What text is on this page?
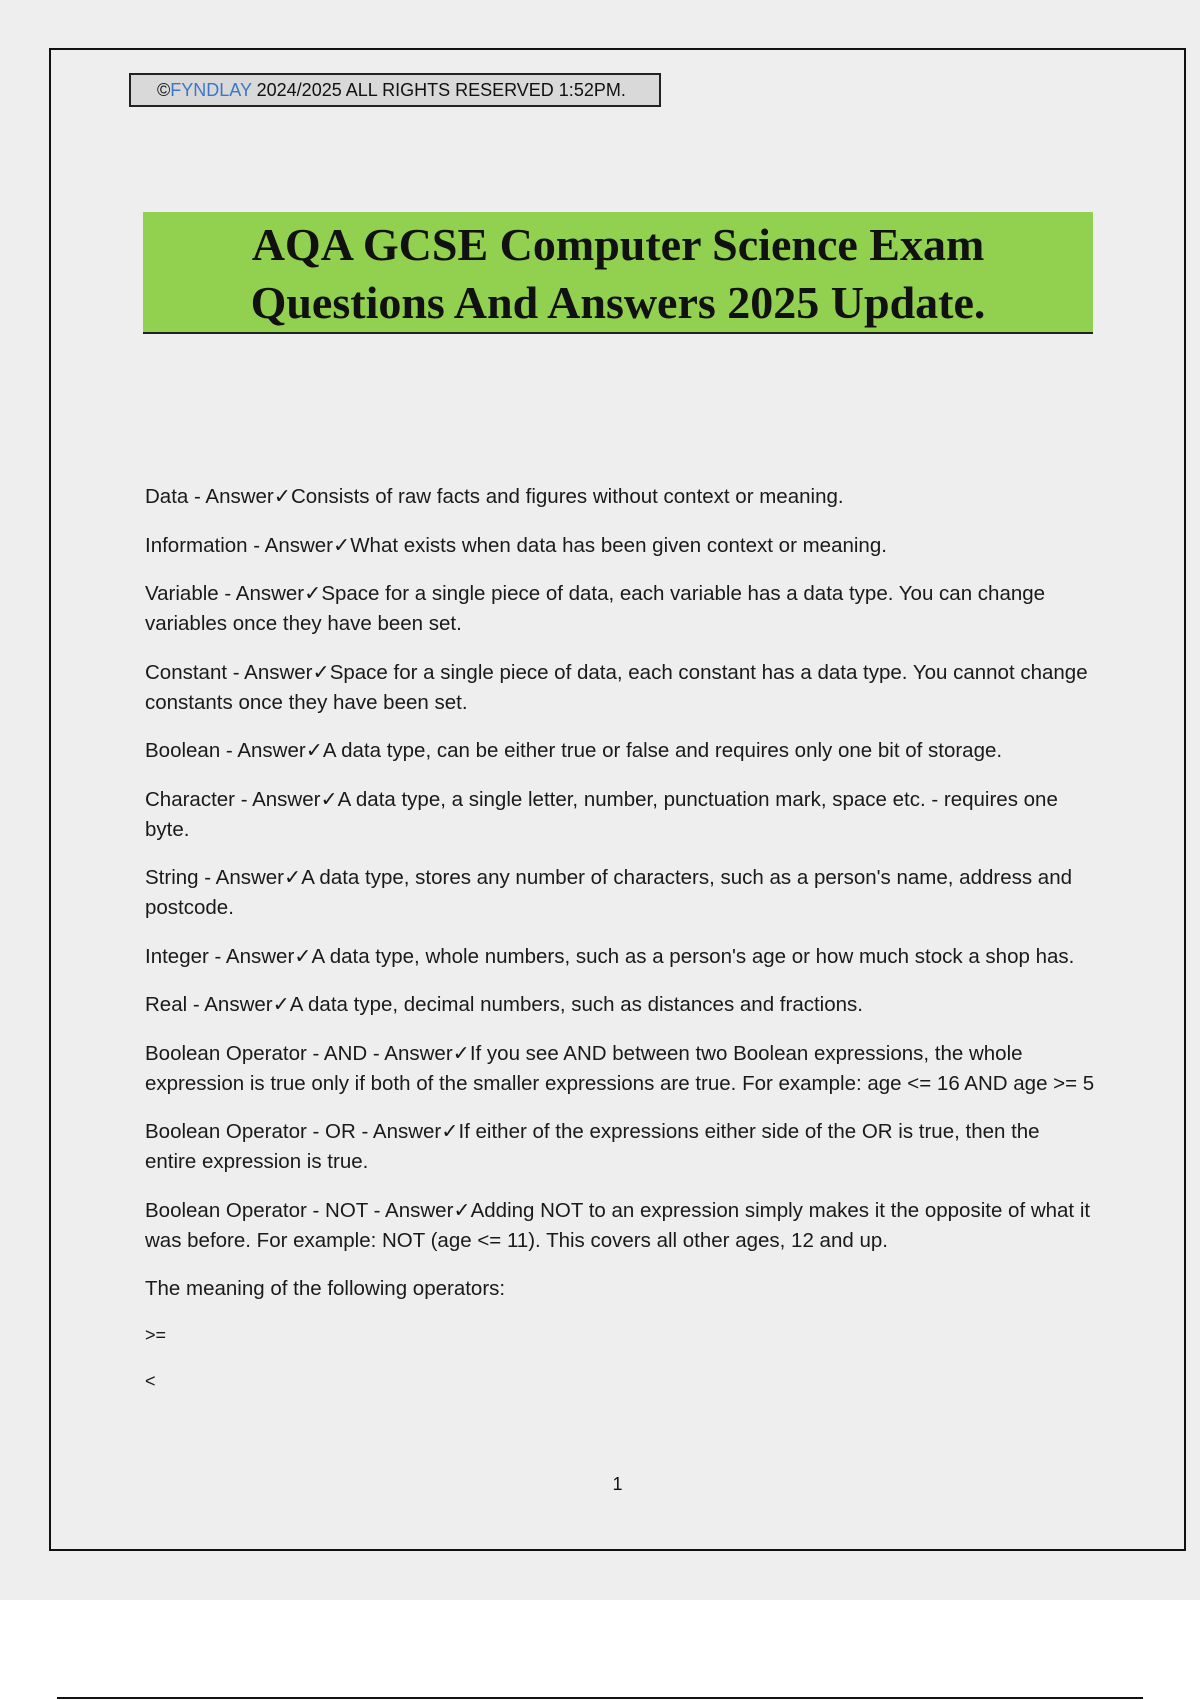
©FYNDLAY 2024/2025 ALL RIGHTS RESERVED 1:52PM.
AQA GCSE Computer Science Exam
Questions And Answers 2025 Update.

Data - Answer✓Consists of raw facts and figures without context or meaning.

Information - Answer✓What exists when data has been given context or meaning.

Variable - Answer✓Space for a single piece of data, each variable has a data type. You can change variables once they have been set.

Constant - Answer✓Space for a single piece of data, each constant has a data type. You cannot change constants once they have been set.

Boolean - Answer✓A data type, can be either true or false and requires only one bit of storage.

Character - Answer✓A data type, a single letter, number, punctuation mark, space etc. - requires one byte.

String - Answer✓A data type, stores any number of characters, such as a person's name, address and postcode.

Integer - Answer✓A data type, whole numbers, such as a person's age or how much stock a shop has.

Real - Answer✓A data type, decimal numbers, such as distances and fractions.

Boolean Operator - AND - Answer✓If you see AND between two Boolean expressions, the whole expression is true only if both of the smaller expressions are true. For example: age <= 16 AND age >= 5

Boolean Operator - OR - Answer✓If either of the expressions either side of the OR is true, then the entire expression is true.

Boolean Operator - NOT - Answer✓Adding NOT to an expression simply makes it the opposite of what it was before. For example: NOT (age <= 11). This covers all other ages, 12 and up.

The meaning of the following operators:

>=

<

1
